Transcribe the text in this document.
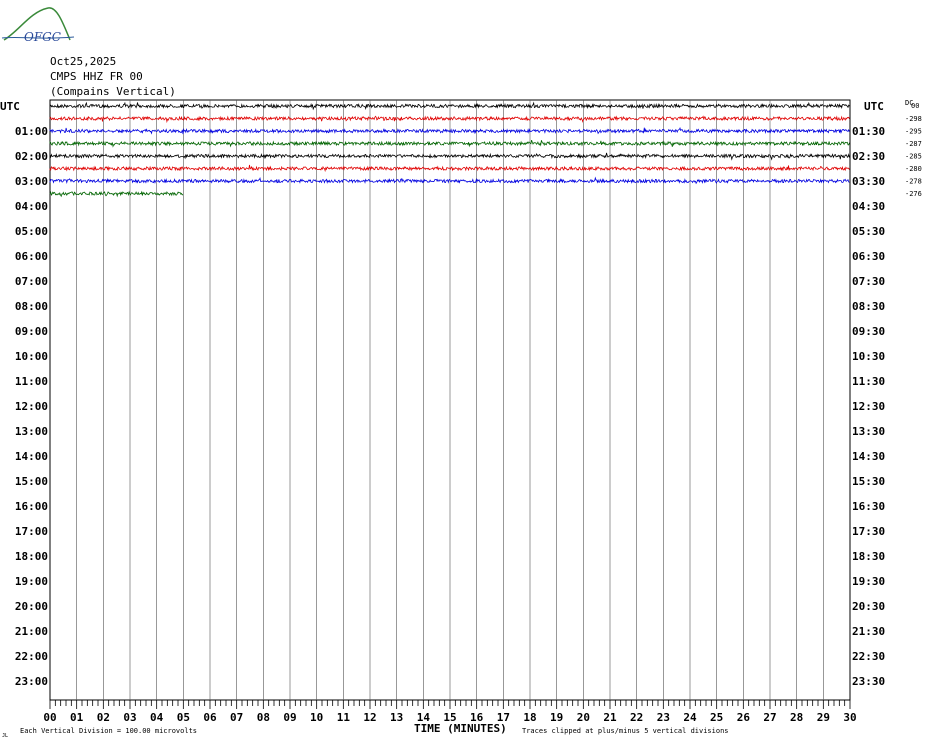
OFGC
00 01 02 03 04 05 06 07 08 09 10 11 12 13 14 15 16 17 18 19 20 21 22 23 24 25 26 27 28 29 30
01:00
02:00
03:00
04:00
05:00
06:00
07:00
08:00
09:00
10:00
11:00
12:00
13:00
14:00
15:00
16:00
17:00
18:00
19:00
20:00
21:00
22:00
23:00
01:30
02:30
03:30
04:30
05:30
06:30
07:30
08:30
09:30
10:30
11:30
12:30
13:30
14:30
15:30
16:30
17:30
18:30
19:30
20:30
21:30
22:30
23:30
00
-298
-295
-287
-285
-280
-278
-276
UTC	UTC	DC
TIME (MINUTES)
Each Vertical Division = 100.00 microvolts	Traces clipped at plus/minus 5 vertical divisions
JL
Oct25,2025
CMPS HHZ FR 00
(Compains Vertical)
